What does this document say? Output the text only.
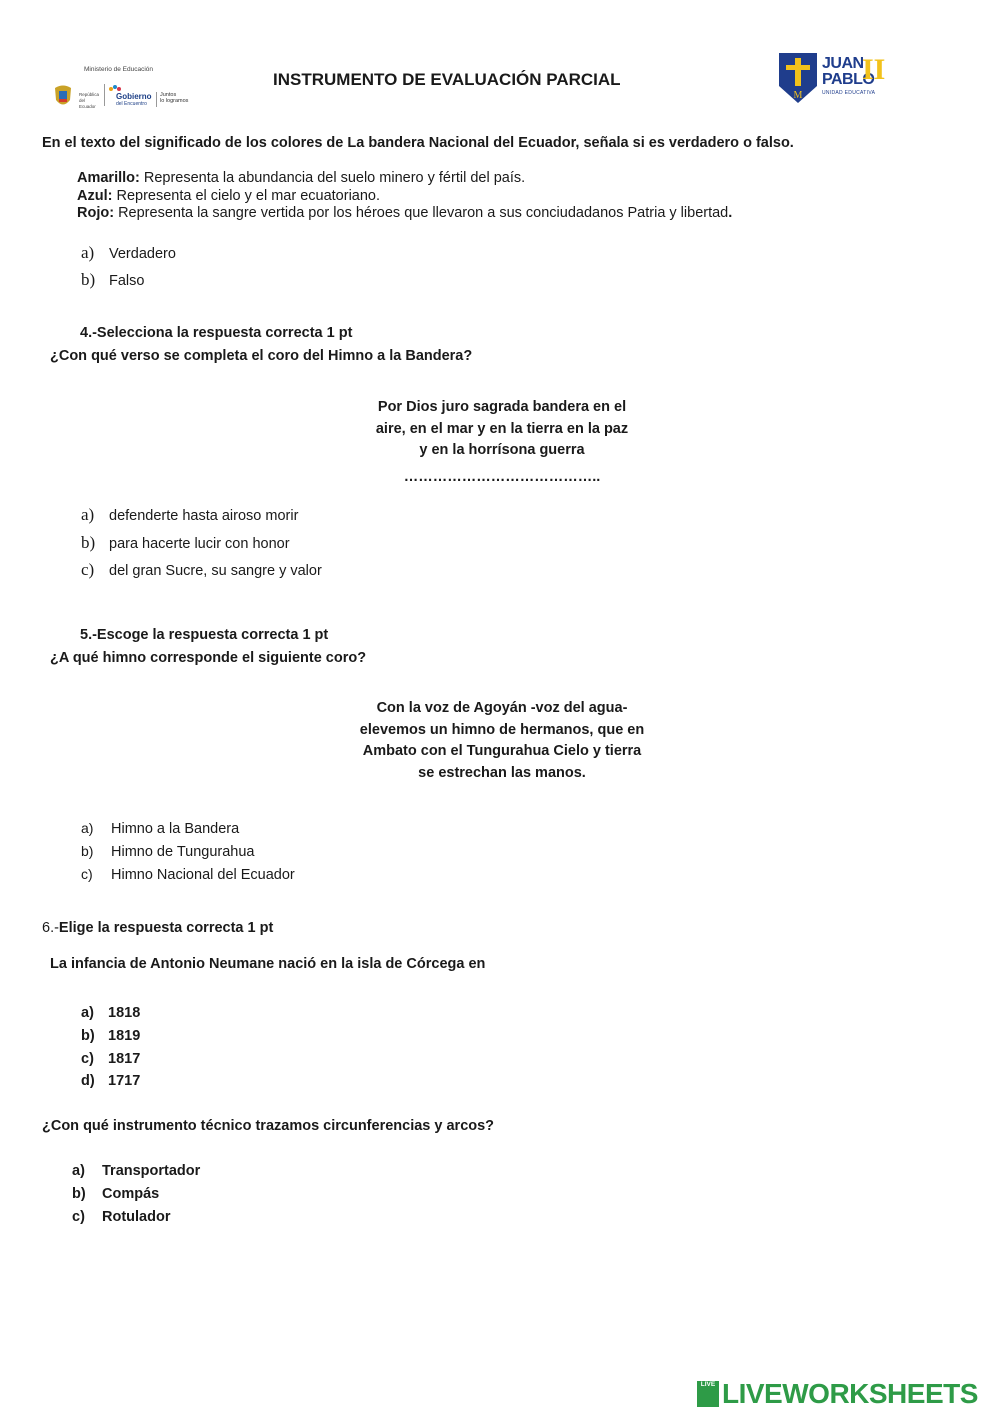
Ministerio de Educación
República del Ecuador
Gobierno
del Encuentro
Juntos
lo logramos
INSTRUMENTO DE EVALUACIÓN PARCIAL
M
JUAN
PABLO
II
UNIDAD EDUCATIVA
En el texto del significado de los colores de La bandera Nacional del Ecuador, señala si es verdadero o falso.
Amarillo: Representa la abundancia del suelo minero y fértil del país.
Azul: Representa el cielo y el mar ecuatoriano.
Rojo: Representa la sangre vertida por los héroes que llevaron a sus conciudadanos Patria y libertad.
a) Verdadero
b) Falso
4.-Selecciona la respuesta correcta 1 pt
¿Con qué verso se completa el coro del Himno a la Bandera?
Por Dios juro sagrada bandera en el
aire, en el mar y en la tierra en la paz
y en la horrísona guerra
…………………………………..
a) defenderte hasta airoso morir
b) para hacerte lucir con honor
c) del gran Sucre, su sangre y valor
5.-Escoge la respuesta correcta 1 pt
¿A qué himno corresponde el siguiente coro?
Con la voz de Agoyán -voz del agua-
elevemos un himno de hermanos, que en
Ambato con el Tungurahua Cielo y tierra
se estrechan las manos.
a) Himno a la Bandera
b) Himno de Tungurahua
c) Himno Nacional del Ecuador
6.-Elige la respuesta correcta 1 pt
La infancia de Antonio Neumane nació en la isla de Córcega en
a) 1818
b) 1819
c) 1817
d) 1717
¿Con qué instrumento técnico trazamos circunferencias y arcos?
a) Transportador
b) Compás
c) Rotulador
LIVE LIVEWORKSHEETS
